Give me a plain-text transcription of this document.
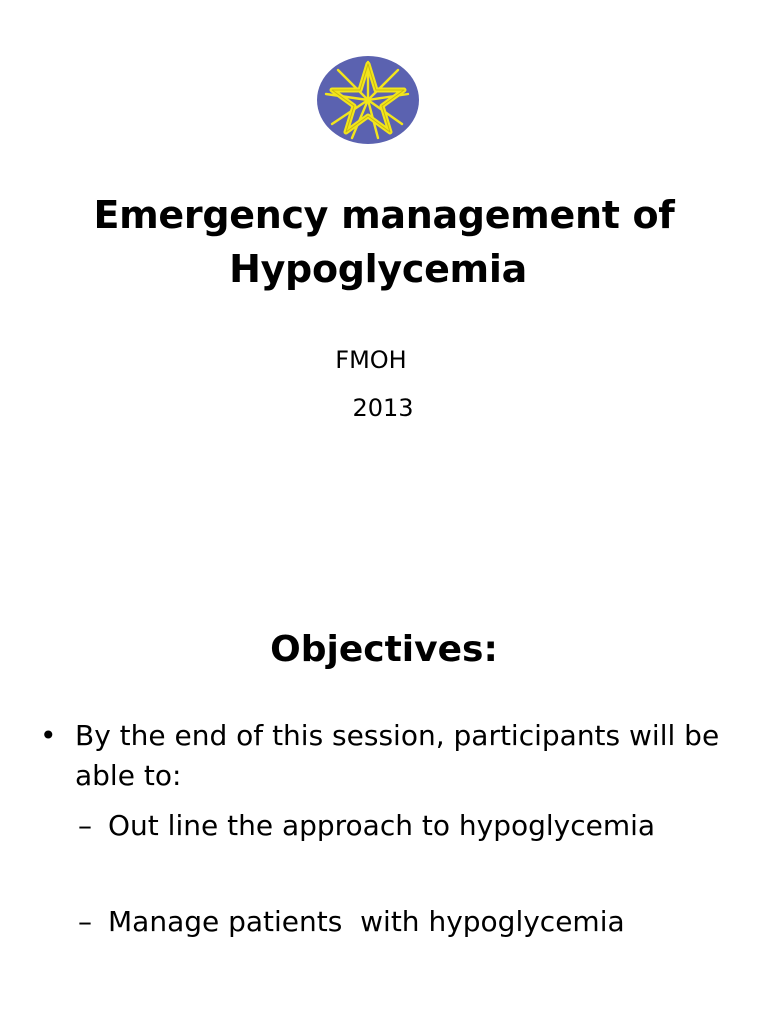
Emergency management of
Hypoglycemia
FMOH
2013
Objectives:
• By the end of this session, participants will be able to:
– Out line the approach to hypoglycemia
– Manage patients  with hypoglycemia
